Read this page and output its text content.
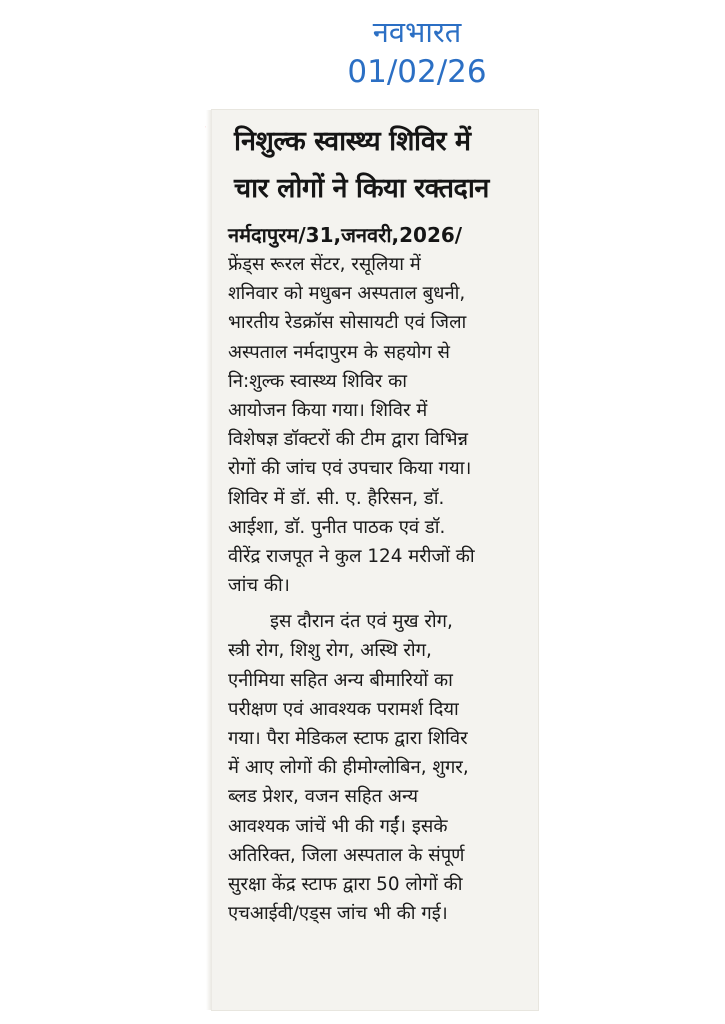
नवभारत
01/02/26
निशुल्क स्वास्थ्य शिविर में
चार लोगों ने किया रक्तदान
नर्मदापुरम/31,जनवरी,2026/
फ्रेंड्स रूरल सेंटर, रसूलिया में
शनिवार को मधुबन अस्पताल बुधनी,
भारतीय रेडक्रॉस सोसायटी एवं जिला
अस्पताल नर्मदापुरम के सहयोग से
नि:शुल्क स्वास्थ्य शिविर का
आयोजन किया गया। शिविर में
विशेषज्ञ डॉक्टरों की टीम द्वारा विभिन्न
रोगों की जांच एवं उपचार किया गया।
शिविर में डॉ. सी. ए. हैरिसन, डॉ.
आईशा, डॉ. पुनीत पाठक एवं डॉ.
वीरेंद्र राजपूत ने कुल 124 मरीजों की
जांच की।
इस दौरान दंत एवं मुख रोग,
स्त्री रोग, शिशु रोग, अस्थि रोग,
एनीमिया सहित अन्य बीमारियों का
परीक्षण एवं आवश्यक परामर्श दिया
गया। पैरा मेडिकल स्टाफ द्वारा शिविर
में आए लोगों की हीमोग्लोबिन, शुगर,
ब्लड प्रेशर, वजन सहित अन्य
आवश्यक जांचें भी की गईं। इसके
अतिरिक्त, जिला अस्पताल के संपूर्ण
सुरक्षा केंद्र स्टाफ द्वारा 50 लोगों की
एचआईवी/एड्स जांच भी की गई।
